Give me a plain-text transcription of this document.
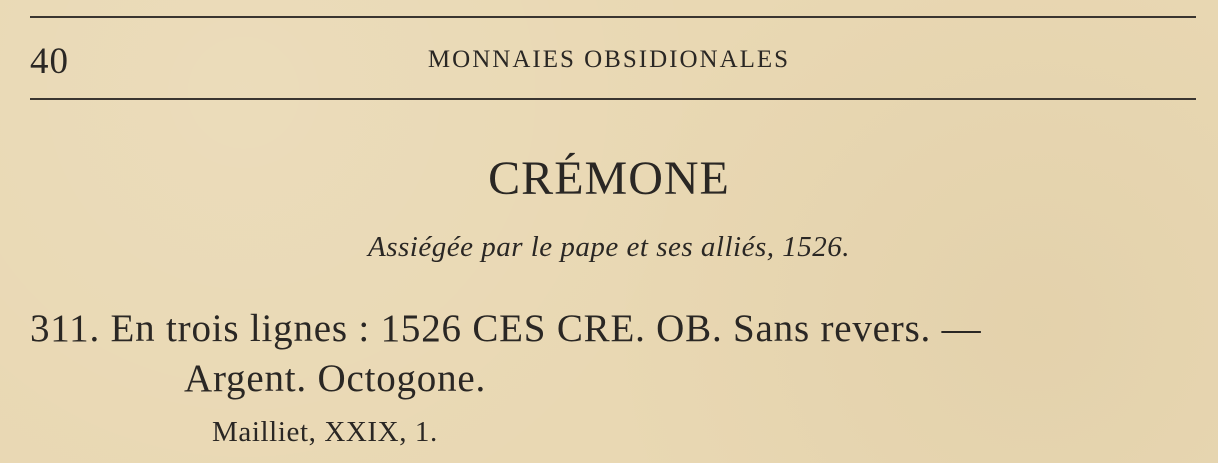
40	MONNAIES OBSIDIONALES
CRÉMONE
Assiégée par le pape et ses alliés, 1526.
311. En trois lignes : 1526 CES CRE. OB. Sans revers. —
Argent. Octogone.
Mailliet, XXIX, 1.
